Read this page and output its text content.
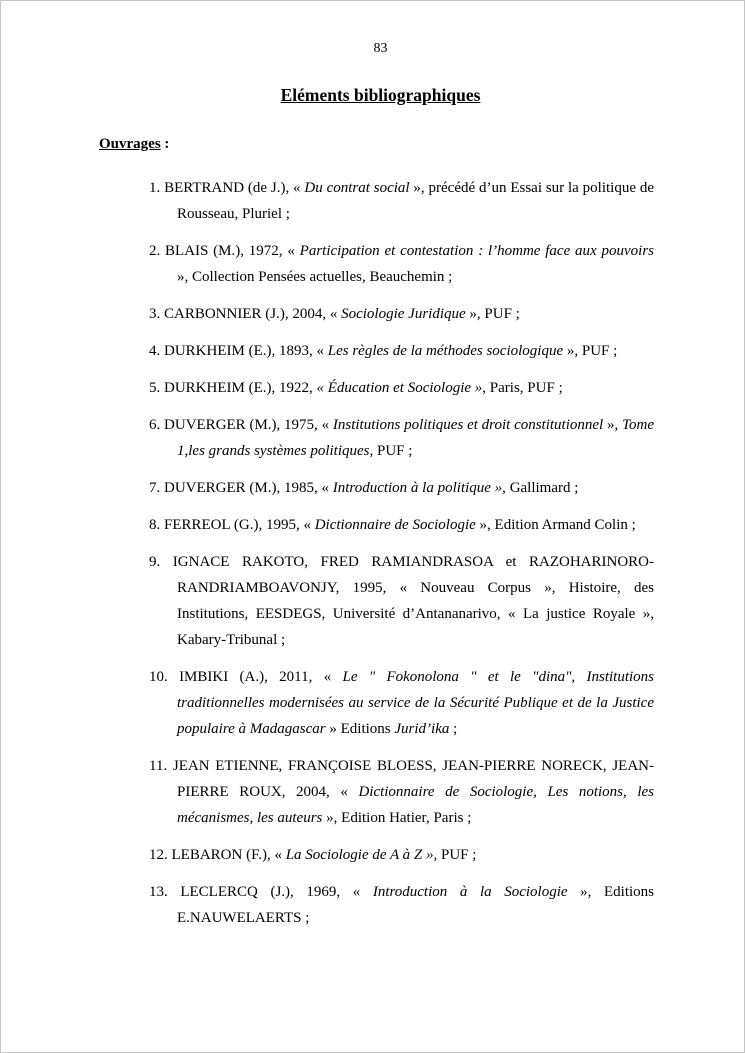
83
Eléments bibliographiques

Ouvrages :

1. BERTRAND (de J.), « Du contrat social », précédé d’un Essai sur la politique de Rousseau, Pluriel ;

2. BLAIS (M.), 1972, « Participation et contestation : l’homme face aux pouvoirs », Collection Pensées actuelles, Beauchemin ;

3. CARBONNIER (J.), 2004, « Sociologie Juridique », PUF ;

4. DURKHEIM (E.), 1893, « Les règles de la méthodes sociologique », PUF ;

5. DURKHEIM (E.), 1922, « Éducation et Sociologie », Paris, PUF ;

6. DUVERGER (M.), 1975, « Institutions politiques et droit constitutionnel », Tome 1,les grands systèmes politiques, PUF ;

7. DUVERGER (M.), 1985, « Introduction à la politique », Gallimard ;

8. FERREOL (G.), 1995, « Dictionnaire de Sociologie », Edition Armand Colin ;

9. IGNACE RAKOTO, FRED RAMIANDRASOA et RAZOHARINORO-RANDRIAMBOAVONJY, 1995, « Nouveau Corpus », Histoire, des Institutions, EESDEGS, Université d’Antananarivo, « La justice Royale », Kabary-Tribunal ;

10. IMBIKI (A.), 2011, « Le " Fokonolona " et le "dina", Institutions traditionnelles modernisées au service de la Sécurité Publique et de la Justice populaire à Madagascar » Editions Jurid’ika ;

11. JEAN ETIENNE, FRANÇOISE BLOESS, JEAN-PIERRE NORECK, JEAN-PIERRE ROUX, 2004, « Dictionnaire de Sociologie, Les notions, les mécanismes, les auteurs », Edition Hatier, Paris ;

12. LEBARON (F.), « La Sociologie de A à Z », PUF ;

13. LECLERCQ (J.), 1969, « Introduction à la Sociologie », Editions E.NAUWELAERTS ;
